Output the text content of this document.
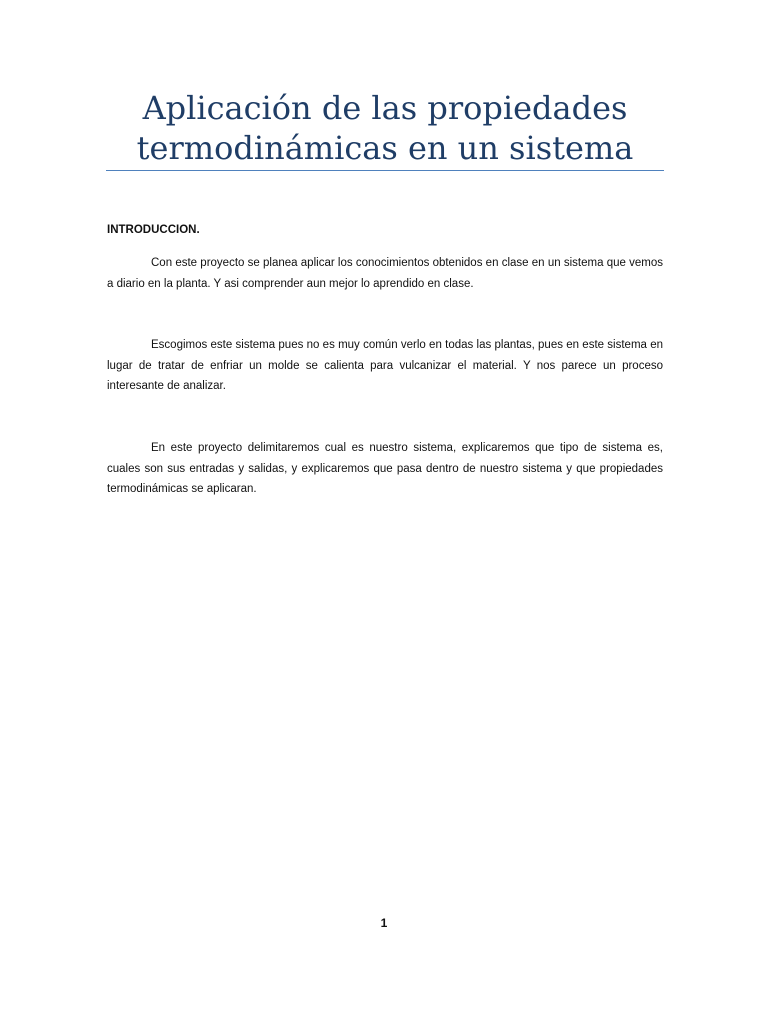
Aplicación de las propiedades
termodinámicas en un sistema

INTRODUCCION.

Con este proyecto se planea aplicar los conocimientos obtenidos en clase en un sistema que vemos a diario en la planta. Y asi comprender aun mejor lo aprendido en clase.

Escogimos este sistema pues no es muy común verlo en todas las plantas, pues en este sistema en lugar de tratar de enfriar un molde se calienta para vulcanizar el material. Y nos parece un proceso interesante de analizar.

En este proyecto delimitaremos cual es nuestro sistema, explicaremos que tipo de sistema es, cuales son sus entradas y salidas, y explicaremos que pasa dentro de nuestro sistema y que propiedades termodinámicas se aplicaran.

1
